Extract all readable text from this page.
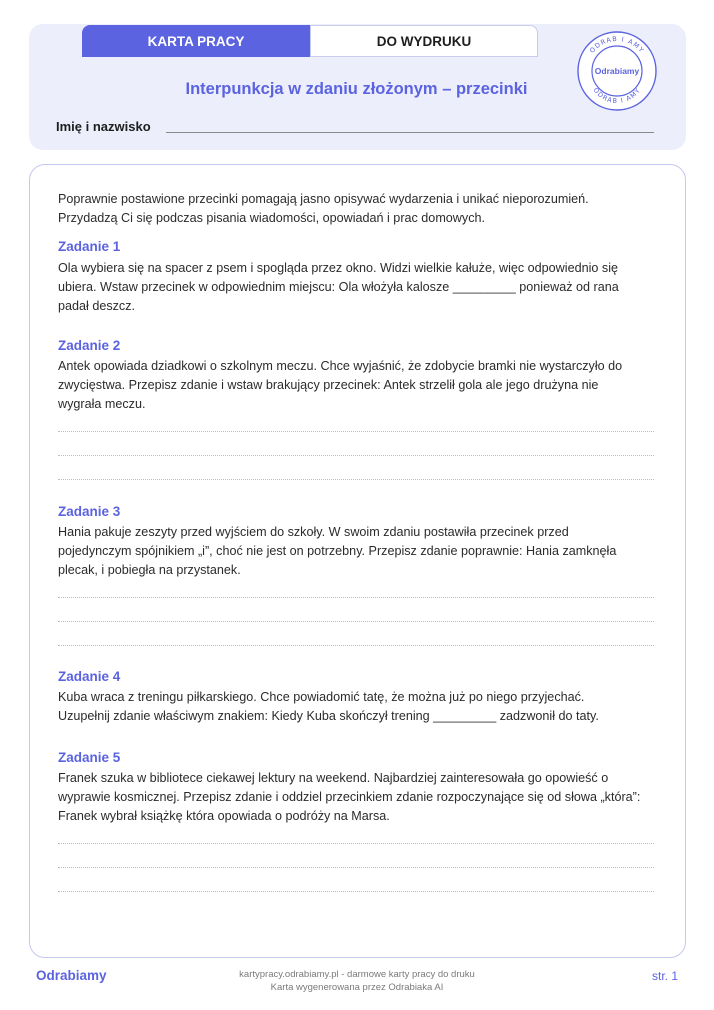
KARTA PRACY	DO WYDRUKU
Interpunkcja w zdaniu złożonym – przecinki
Imię i nazwisko
ODRAB I AMY
ODRAB I AMY
Odrabiamy
Poprawnie postawione przecinki pomagają jasno opisywać wydarzenia i unikać nieporozumień.
Przydadzą Ci się podczas pisania wiadomości, opowiadań i prac domowych.
Zadanie 1
Ola wybiera się na spacer z psem i spogląda przez okno. Widzi wielkie kałuże, więc odpowiednio się
ubiera. Wstaw przecinek w odpowiednim miejscu: Ola włożyła kalosze _________ ponieważ od rana
padał deszcz.
Zadanie 2
Antek opowiada dziadkowi o szkolnym meczu. Chce wyjaśnić, że zdobycie bramki nie wystarczyło do
zwycięstwa. Przepisz zdanie i wstaw brakujący przecinek: Antek strzelił gola ale jego drużyna nie
wygrała meczu.
Zadanie 3
Hania pakuje zeszyty przed wyjściem do szkoły. W swoim zdaniu postawiła przecinek przed
pojedynczym spójnikiem „i”, choć nie jest on potrzebny. Przepisz zdanie poprawnie: Hania zamknęła
plecak, i pobiegła na przystanek.
Zadanie 4
Kuba wraca z treningu piłkarskiego. Chce powiadomić tatę, że można już po niego przyjechać.
Uzupełnij zdanie właściwym znakiem: Kiedy Kuba skończył trening _________ zadzwonił do taty.
Zadanie 5
Franek szuka w bibliotece ciekawej lektury na weekend. Najbardziej zainteresowała go opowieść o
wyprawie kosmicznej. Przepisz zdanie i oddziel przecinkiem zdanie rozpoczynające się od słowa „która”:
Franek wybrał książkę która opowiada o podróży na Marsa.
Odrabiamy	kartypracy.odrabiamy.pl - darmowe karty pracy do druku
Karta wygenerowana przez Odrabiaka AI
str. 1
